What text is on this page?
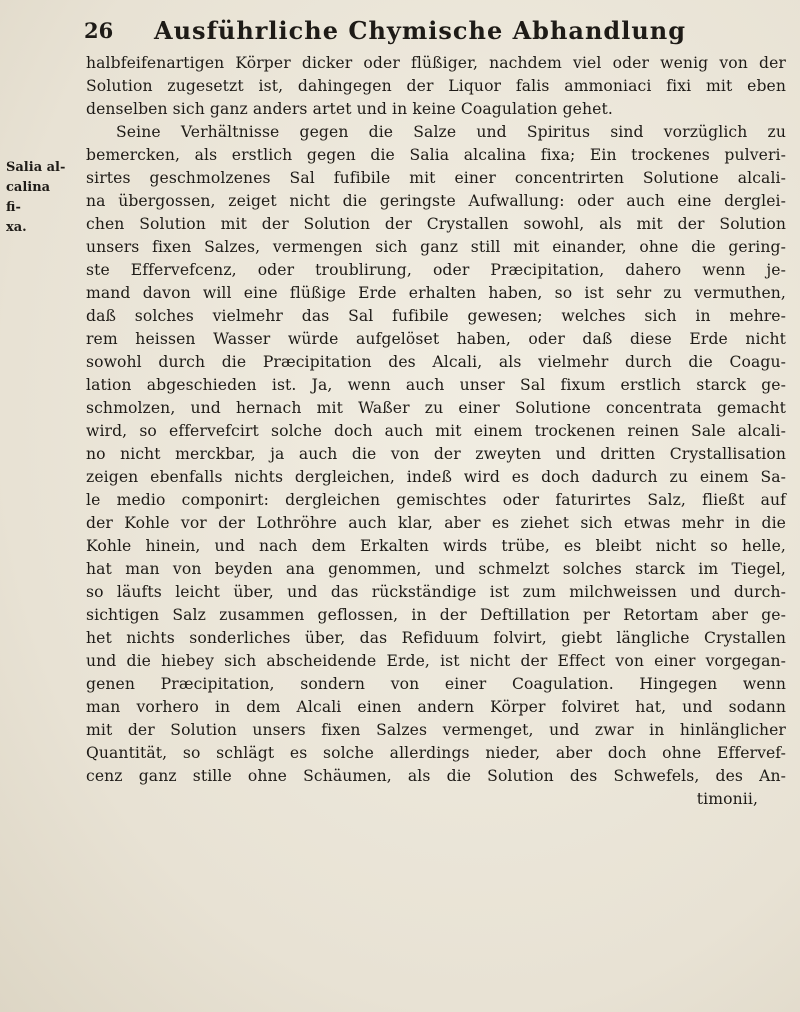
26	Ausführliche Chymische Abhandlung
Salia al-
calina fi-
xa.
halbfeifenartigen Körper dicker oder flüßiger, nachdem viel oder wenig von der
Solution zugesetzt ist, dahingegen der Liquor falis ammoniaci fixi mit eben
denselben sich ganz anders artet und in keine Coagulation gehet.
Seine Verhältnisse gegen die Salze und Spiritus sind vorzüglich zu
bemercken, als erstlich gegen die Salia alcalina fixa; Ein trockenes pulveri-
sirtes geschmolzenes Sal fufibile mit einer concentrirten Solutione alcali-
na übergossen, zeiget nicht die geringste Aufwallung: oder auch eine derglei-
chen Solution mit der Solution der Crystallen sowohl, als mit der Solution
unsers fixen Salzes, vermengen sich ganz still mit einander, ohne die gering-
ste Effervefcenz, oder troublirung, oder Præcipitation, dahero wenn je-
mand davon will eine flüßige Erde erhalten haben, so ist sehr zu vermuthen,
daß solches vielmehr das Sal fufibile gewesen; welches sich in mehre-
rem heissen Wasser würde aufgelöset haben, oder daß diese Erde nicht
sowohl durch die Præcipitation des Alcali, als vielmehr durch die Coagu-
lation abgeschieden ist. Ja, wenn auch unser Sal fixum erstlich starck ge-
schmolzen, und hernach mit Waßer zu einer Solutione concentrata gemacht
wird, so effervefcirt solche doch auch mit einem trockenen reinen Sale alcali-
no nicht merckbar, ja auch die von der zweyten und dritten Crystallisation
zeigen ebenfalls nichts dergleichen, indeß wird es doch dadurch zu einem Sa-
le medio componirt: dergleichen gemischtes oder faturirtes Salz, fließt auf
der Kohle vor der Lothröhre auch klar, aber es ziehet sich etwas mehr in die
Kohle hinein, und nach dem Erkalten wirds trübe, es bleibt nicht so helle,
hat man von beyden ana genommen, und schmelzt solches starck im Tiegel,
so läufts leicht über, und das rückständige ist zum milchweissen und durch-
sichtigen Salz zusammen geflossen, in der Deftillation per Retortam aber ge-
het nichts sonderliches über, das Refiduum folvirt, giebt längliche Crystallen
und die hiebey sich abscheidende Erde, ist nicht der Effect von einer vorgegan-
genen Præcipitation, sondern von einer Coagulation. Hingegen wenn
man vorhero in dem Alcali einen andern Körper folviret hat, und sodann
mit der Solution unsers fixen Salzes vermenget, und zwar in hinlänglicher
Quantität, so schlägt es solche allerdings nieder, aber doch ohne Effervef-
cenz ganz stille ohne Schäumen, als die Solution des Schwefels, des An-
timonii,
